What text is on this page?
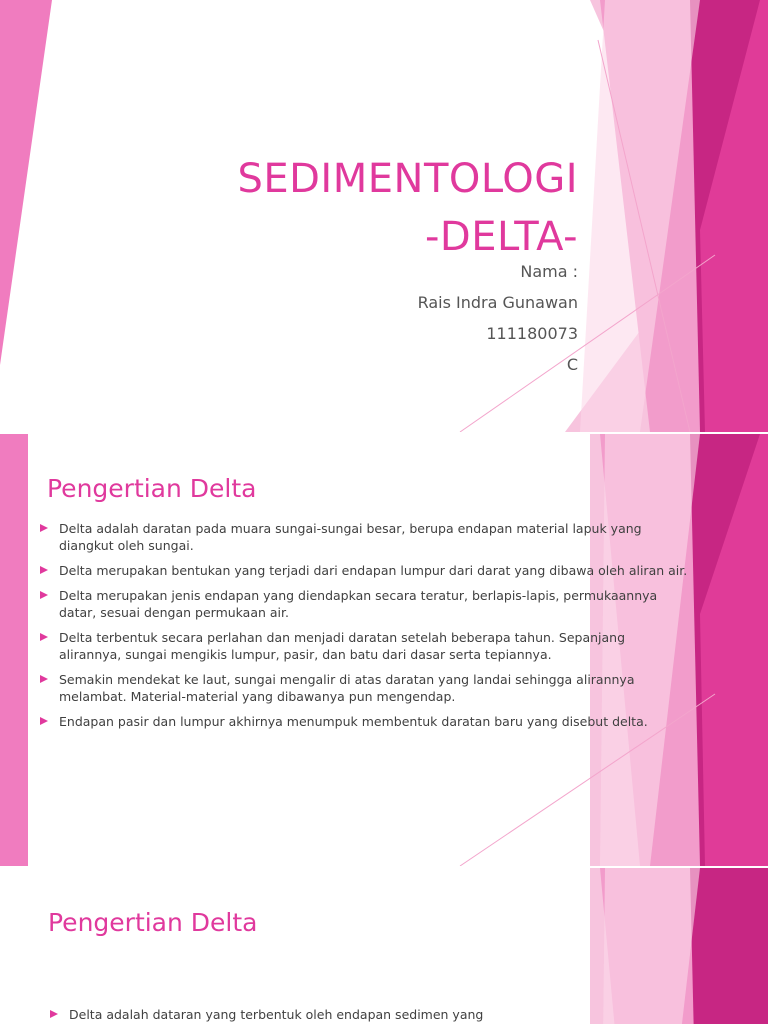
SEDIMENTOLOGI
-DELTA-
Nama :
Rais Indra Gunawan
111180073
C
Pengertian Delta
Delta adalah daratan pada muara sungai-sungai besar, berupa endapan material lapuk yang diangkut oleh sungai.
Delta merupakan bentukan yang terjadi dari endapan lumpur dari darat yang dibawa oleh aliran air.
Delta merupakan jenis endapan yang diendapkan secara teratur, berlapis-lapis, permukaannya datar, sesuai dengan permukaan air.
Delta terbentuk secara perlahan dan menjadi daratan setelah beberapa tahun. Sepanjang alirannya, sungai mengikis lumpur, pasir, dan batu dari dasar serta tepiannya.
Semakin mendekat ke laut, sungai mengalir di atas daratan yang landai sehingga alirannya melambat. Material-material yang dibawanya pun mengendap.
Endapan pasir dan lumpur akhirnya menumpuk membentuk daratan baru yang disebut delta.
Pengertian Delta
Delta adalah dataran yang terbentuk oleh endapan sedimen yang
